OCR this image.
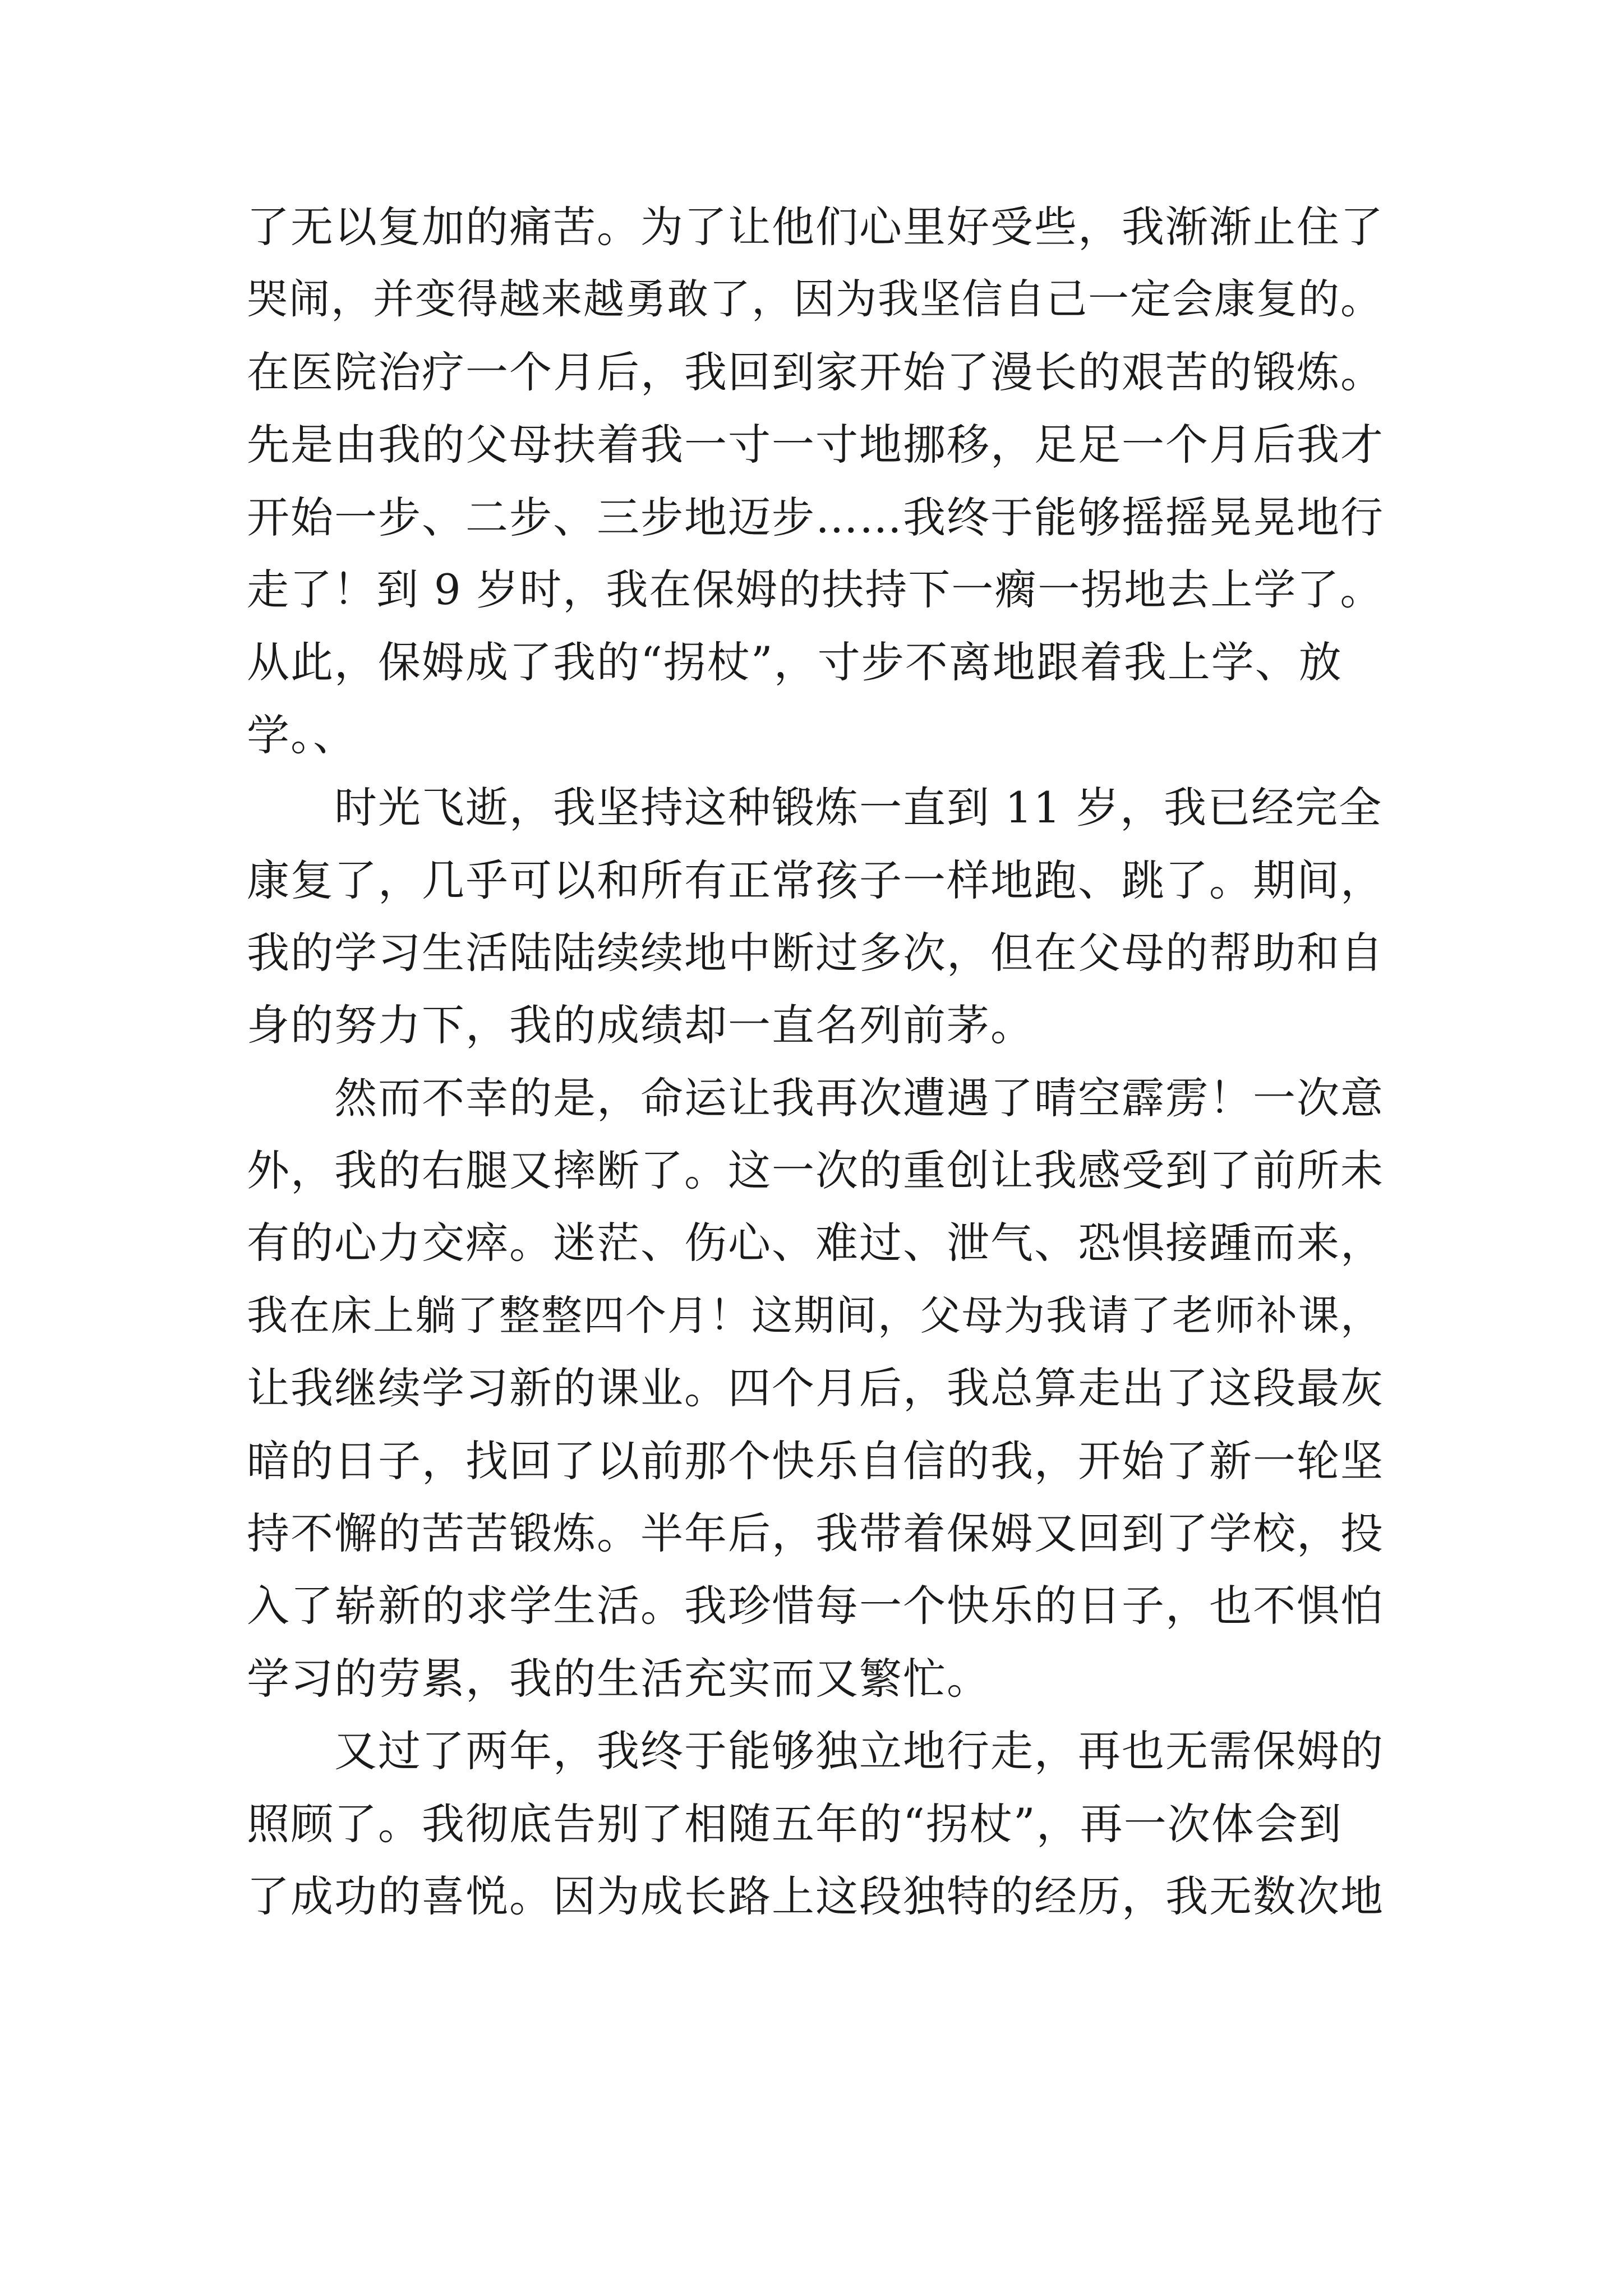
了无以复加的痛苦。为了让他们心里好受些，我渐渐止住了
哭闹，并变得越来越勇敢了，因为我坚信自己一定会康复的。
在医院治疗一个月后，我回到家开始了漫长的艰苦的锻炼。
先是由我的父母扶着我一寸一寸地挪移，足足一个月后我才
开始一步、二步、三步地迈步……我终于能够摇摇晃晃地行
走了！到 9 岁时，我在保姆的扶持下一瘸一拐地去上学了。
从此，保姆成了我的“拐杖”，寸步不离地跟着我上学、放
学。、
时光飞逝，我坚持这种锻炼一直到 11 岁，我已经完全
康复了，几乎可以和所有正常孩子一样地跑、跳了。期间，
我的学习生活陆陆续续地中断过多次，但在父母的帮助和自
身的努力下，我的成绩却一直名列前茅。
然而不幸的是，命运让我再次遭遇了晴空霹雳！一次意
外，我的右腿又摔断了。这一次的重创让我感受到了前所未
有的心力交瘁。迷茫、伤心、难过、泄气、恐惧接踵而来，
我在床上躺了整整四个月！这期间，父母为我请了老师补课，
让我继续学习新的课业。四个月后，我总算走出了这段最灰
暗的日子，找回了以前那个快乐自信的我，开始了新一轮坚
持不懈的苦苦锻炼。半年后，我带着保姆又回到了学校，投
入了崭新的求学生活。我珍惜每一个快乐的日子，也不惧怕
学习的劳累，我的生活充实而又繁忙。
又过了两年，我终于能够独立地行走，再也无需保姆的
照顾了。我彻底告别了相随五年的“拐杖”，再一次体会到
了成功的喜悦。因为成长路上这段独特的经历，我无数次地
